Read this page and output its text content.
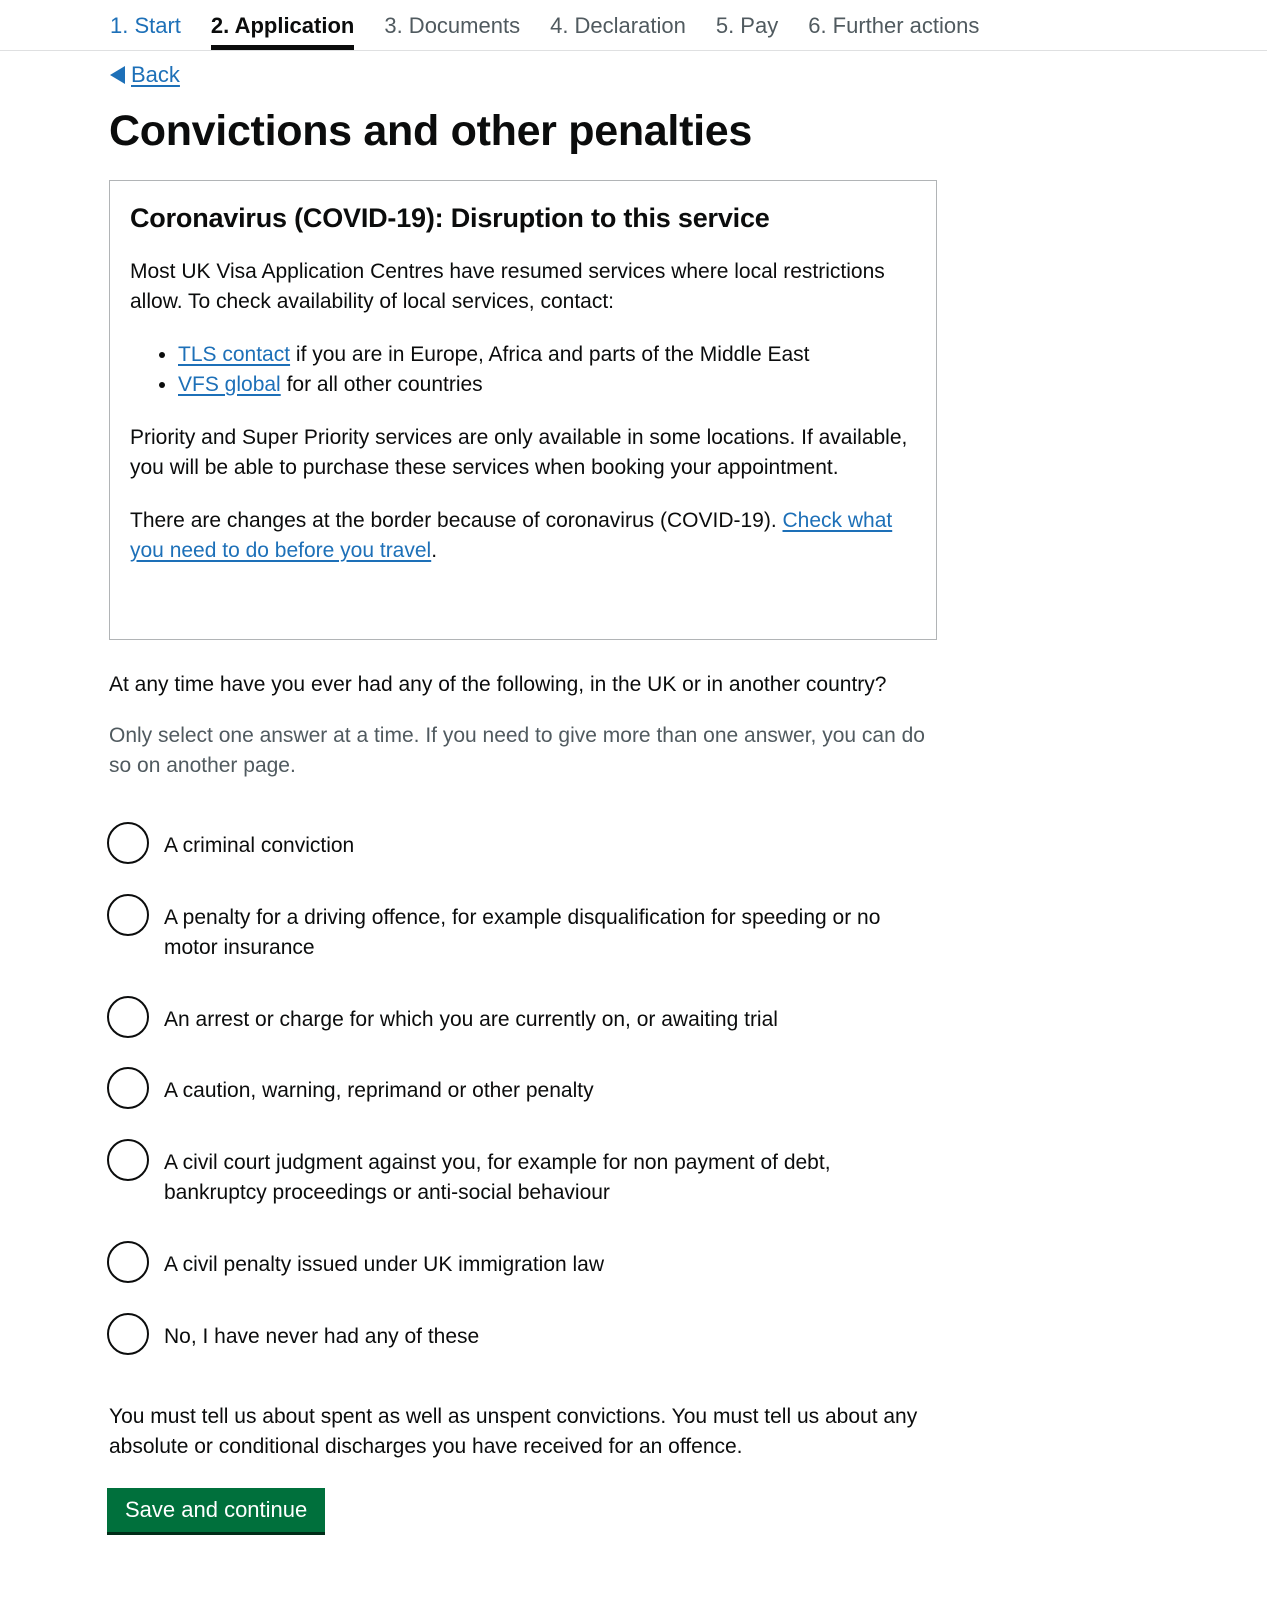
1. Start 2. Application 3. Documents 4. Declaration 5. Pay 6. Further actions
Back
Convictions and other penalties
Coronavirus (COVID-19): Disruption to this service

Most UK Visa Application Centres have resumed services where local restrictions allow. To check availability of local services, contact:

• TLS contact if you are in Europe, Africa and parts of the Middle East
• VFS global for all other countries

Priority and Super Priority services are only available in some locations. If available, you will be able to purchase these services when booking your appointment.

There are changes at the border because of coronavirus (COVID-19). Check what you need to do before you travel.

At any time have you ever had any of the following, in the UK or in another country?

Only select one answer at a time. If you need to give more than one answer, you can do so on another page.

A criminal conviction
A penalty for a driving offence, for example disqualification for speeding or no motor insurance
An arrest or charge for which you are currently on, or awaiting trial
A caution, warning, reprimand or other penalty
A civil court judgment against you, for example for non payment of debt, bankruptcy proceedings or anti-social behaviour
A civil penalty issued under UK immigration law
No, I have never had any of these

You must tell us about spent as well as unspent convictions. You must tell us about any absolute or conditional discharges you have received for an offence.

Save and continue
